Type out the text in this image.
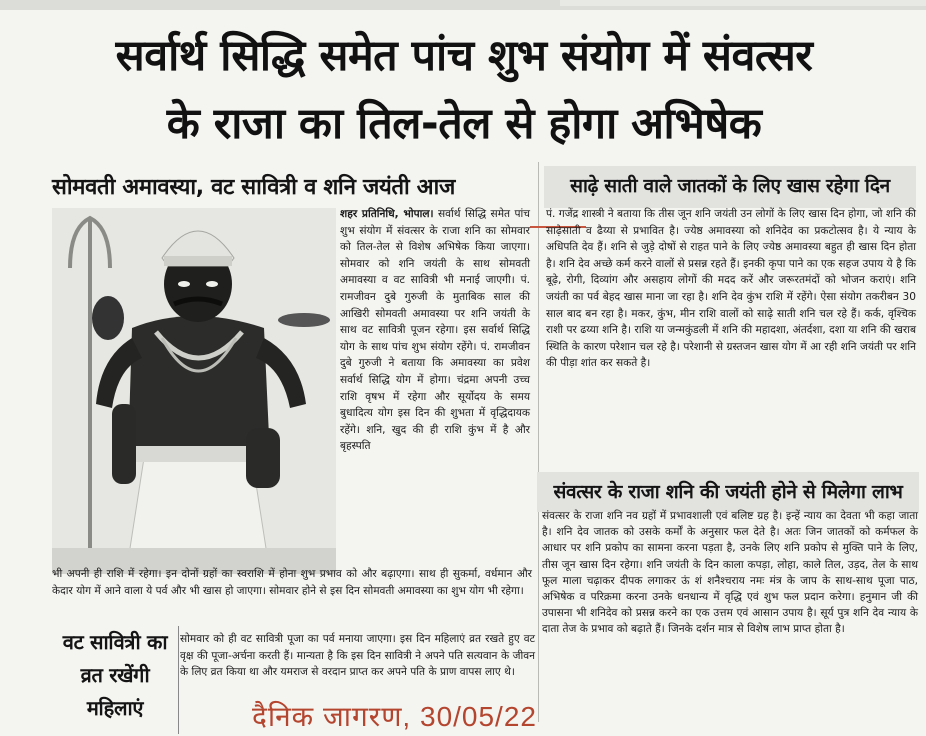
सर्वार्थ सिद्धि समेत पांच शुभ संयोग में संवत्सर
के राजा का तिल-तेल से होगा अभिषेक
सोमवती अमावस्या, वट सावित्री व शनि जयंती आज	साढ़े साती वाले जातकों के लिए खास रहेगा दिन
शहर प्रतिनिधि, भोपाल। सर्वार्थ सिद्धि समेत पांच शुभ संयोग में संवत्सर के राजा शनि का सोमवार को तिल-तेल से विशेष अभिषेक किया जाएगा। सोमवार को शनि जयंती के साथ सोमवती अमावस्या व वट सावित्री भी मनाई जाएगी। पं. रामजीवन दुबे गुरुजी के मुताबिक साल की आखिरी सोमवती अमावस्या पर शनि जयंती के साथ वट सावित्री पूजन रहेगा। इस सर्वार्थ सिद्धि योग के साथ पांच शुभ संयोग रहेंगे। पं. रामजीवन दुबे गुरुजी ने बताया कि अमावस्या का प्रवेश सर्वार्थ सिद्धि योग में होगा। चंद्रमा अपनी उच्च राशि वृषभ में रहेगा और सूर्योदय के समय बुधादित्य योग इस दिन की शुभता में वृद्धिदायक रहेंगे। शनि, खुद की ही राशि कुंभ में है और बृहस्पति
भी अपनी ही राशि में रहेगा। इन दोनों ग्रहों का स्वराशि में होना शुभ प्रभाव को और बढ़ाएगा। साथ ही सुकर्मा, वर्धमान और केदार योग में आने वाला ये पर्व और भी खास हो जाएगा। सोमवार होने से इस दिन सोमवती अमावस्या का शुभ योग भी रहेगा।
वट सावित्री का व्रत रखेंगी महिलाएं
सोमवार को ही वट सावित्री पूजा का पर्व मनाया जाएगा। इस दिन महिलाएं व्रत रखते हुए वट वृक्ष की पूजा-अर्चना करती हैं। मान्यता है कि इस दिन सावित्री ने अपने पति सत्यवान के जीवन के लिए व्रत किया था और यमराज से वरदान प्राप्त कर अपने पति के प्राण वापस लाए थे।
पं. गजेंद्र शास्त्री ने बताया कि तीस जून शनि जयंती उन लोगों के लिए खास दिन होगा, जो शनि की साढ़ेसाती व ढैय्या से प्रभावित है। ज्येष्ठ अमावस्या को शनिदेव का प्रकटोत्सव है। ये न्याय के अधिपति देव हैं। शनि से जुड़े दोषों से राहत पाने के लिए ज्येष्ठ अमावस्या बहुत ही खास दिन होता है। शनि देव अच्छे कर्म करने वालों से प्रसन्न रहते हैं। इनकी कृपा पाने का एक सहज उपाय ये है कि बूढ़े, रोगी, दिव्यांग और असहाय लोगों की मदद करें और जरूरतमंदों को भोजन कराएं। शनि जयंती का पर्व बेहद खास माना जा रहा है। शनि देव कुंभ राशि में रहेंगे। ऐसा संयोग तकरीबन 30 साल बाद बन रहा है। मकर, कुंभ, मीन राशि वालों को साढ़े साती शनि चल रहे हैं। कर्क, वृश्चिक राशी पर ढय्या शनि है। राशि या जन्मकुंडली में शनि की महादशा, अंतर्दशा, दशा या शनि की खराब स्थिति के कारण परेशान चल रहे है। परेशानी से ग्रस्तजन खास योग में आ रही शनि जयंती पर शनि की पीड़ा शांत कर सकते है।
संवत्सर के राजा शनि की जयंती होने से मिलेगा लाभ
संवत्सर के राजा शनि नव ग्रहों में प्रभावशाली एवं बलिष्ट ग्रह है। इन्हें न्याय का देवता भी कहा जाता है। शनि देव जातक को उसके कर्मों के अनुसार फल देते है। अतः जिन जातकों को कर्मफल के आधार पर शनि प्रकोप का सामना करना पड़ता है, उनके लिए शनि प्रकोप से मुक्ति पाने के लिए, तीस जून खास दिन रहेगा। शनि जयंती के दिन काला कपड़ा, लोहा, काले तिल, उड़द, तेल के साथ फूल माला चढ़ाकर दीपक लगाकर ऊं शं शनैश्चराय नमः मंत्र के जाप के साथ-साथ पूजा पाठ, अभिषेक व परिक्रमा करना उनके धनधान्य में वृद्धि एवं शुभ फल प्रदान करेगा। हनुमान जी की उपासना भी शनिदेव को प्रसन्न करने का एक उत्तम एवं आसान उपाय है। सूर्य पुत्र शनि देव न्याय के दाता तेज के प्रभाव को बढ़ाते हैं। जिनके दर्शन मात्र से विशेष लाभ प्राप्त होता है।
दैनिक जागरण, 30/05/22
